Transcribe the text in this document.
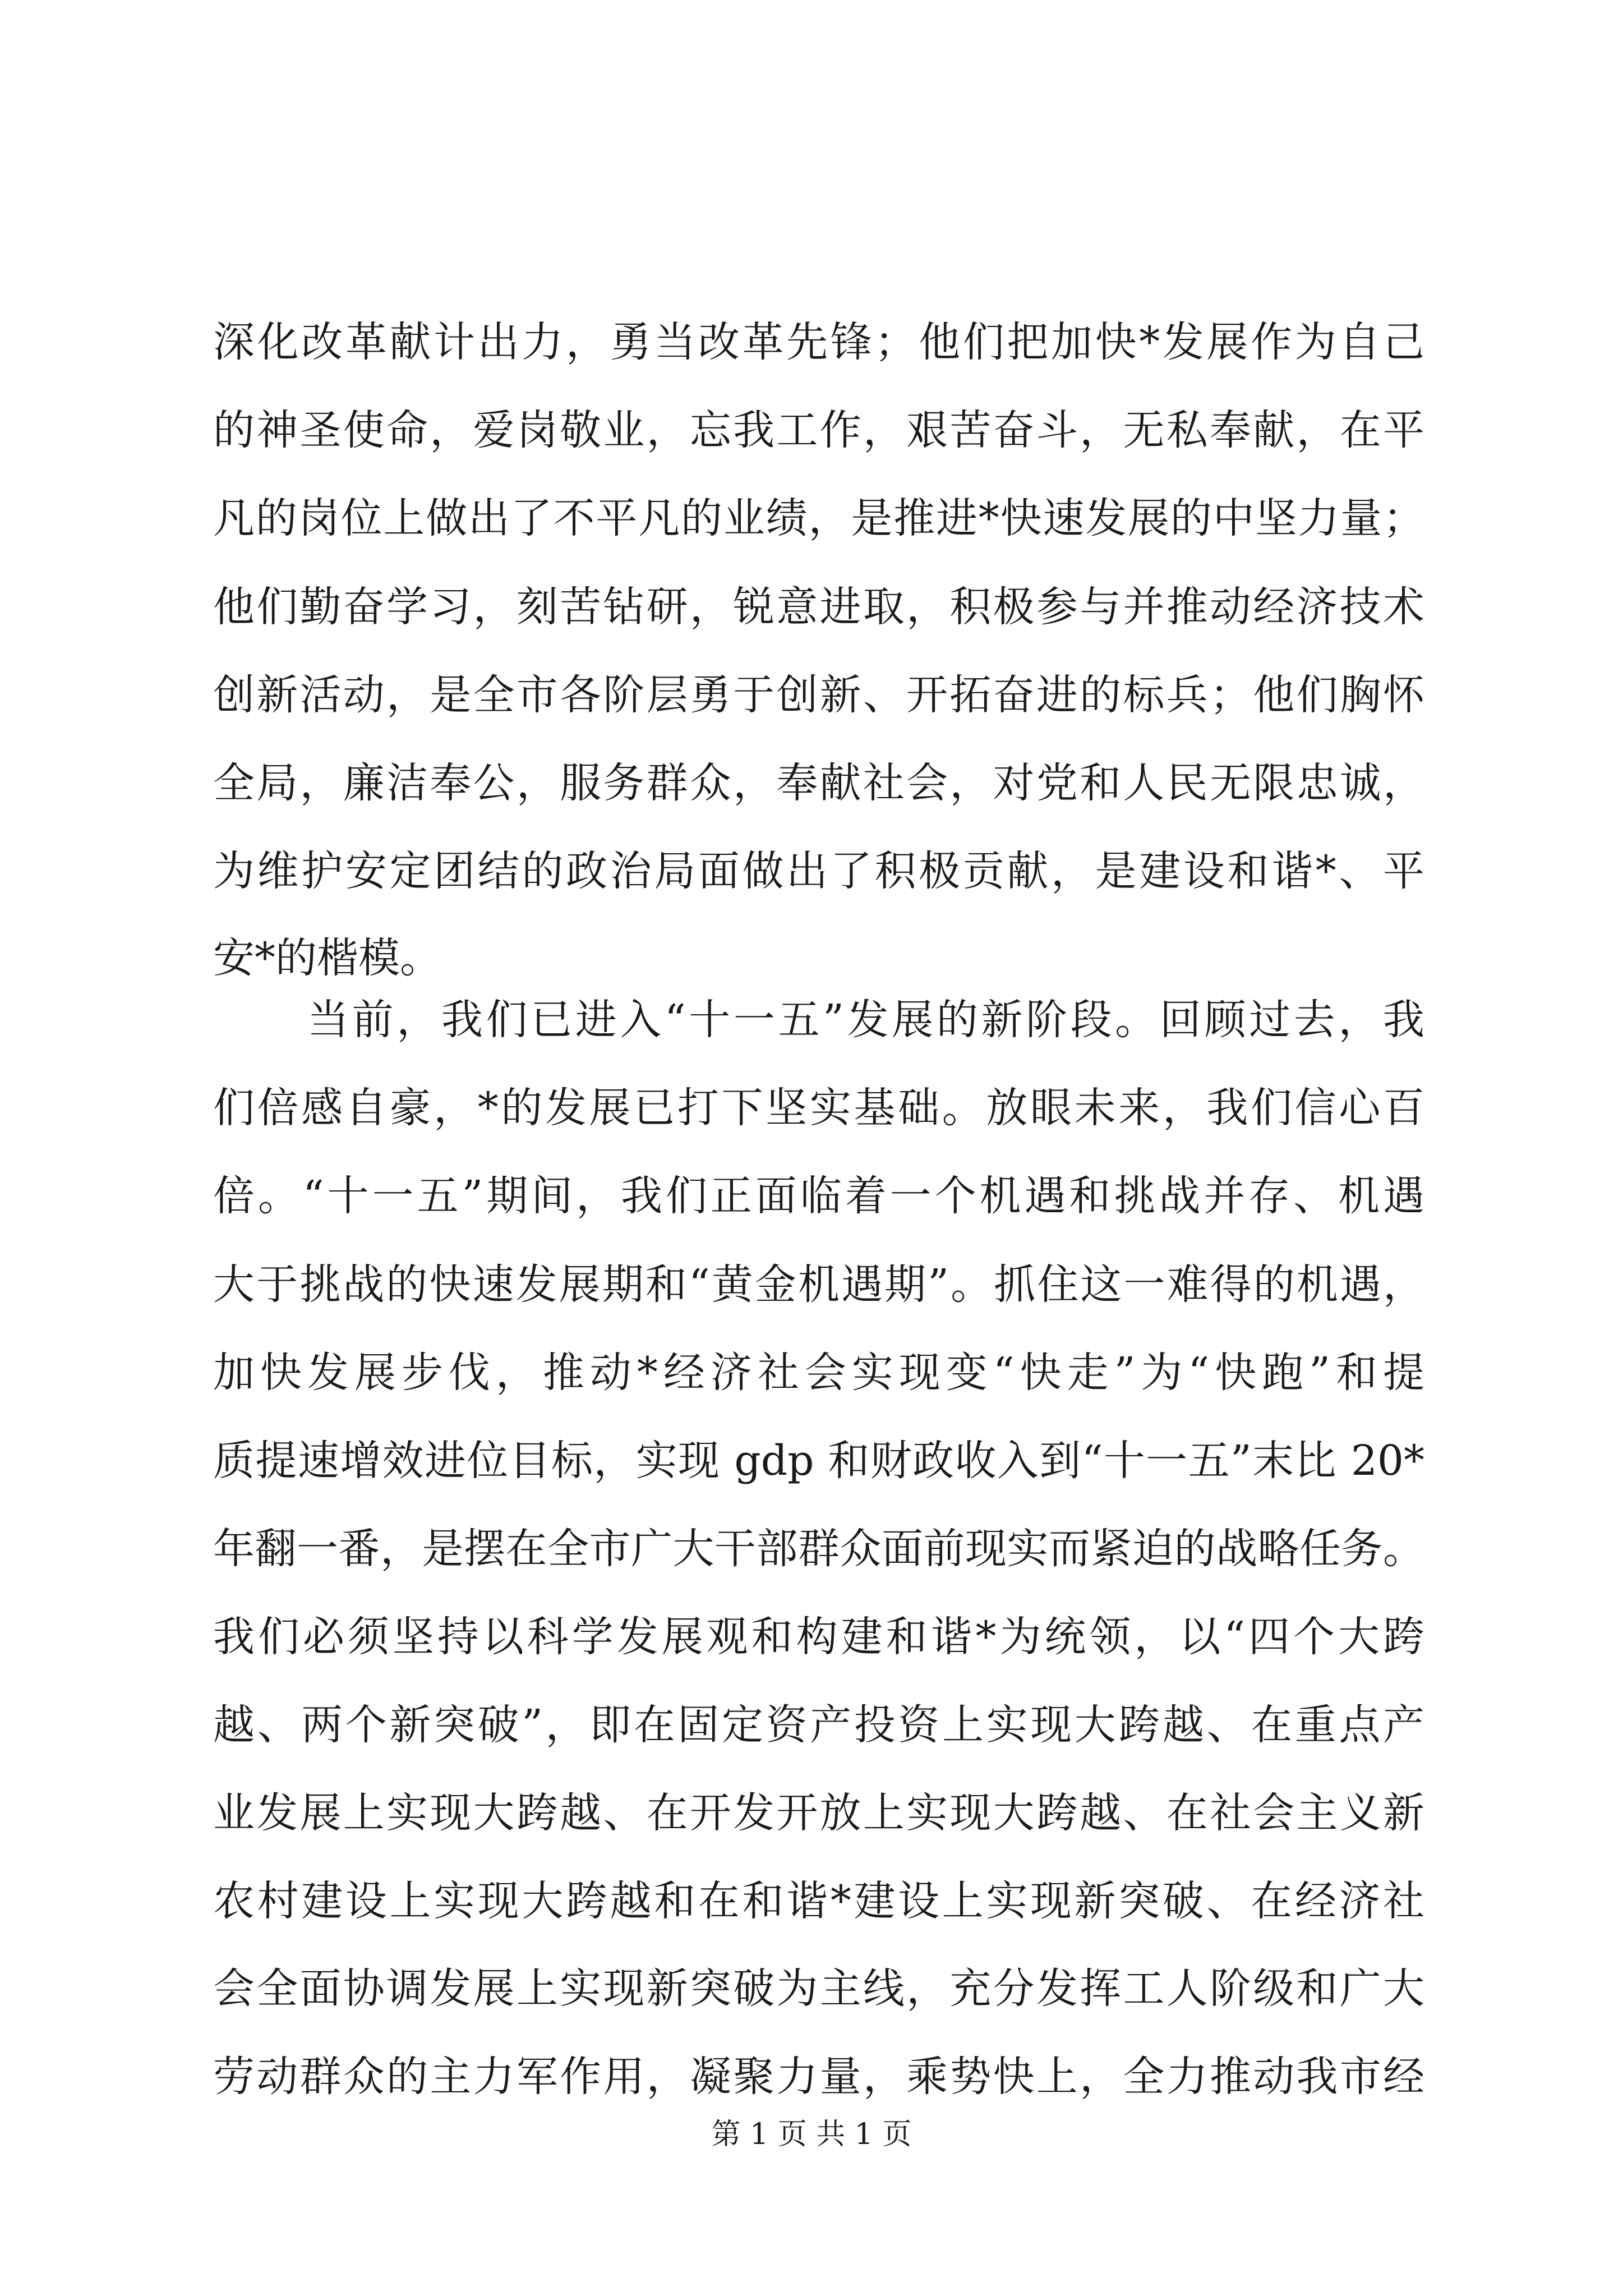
深化改革献计出力，勇当改革先锋；他们把加快*发展作为自己
的神圣使命，爱岗敬业，忘我工作，艰苦奋斗，无私奉献，在平
凡的岗位上做出了不平凡的业绩，是推进*快速发展的中坚力量；
他们勤奋学习，刻苦钻研，锐意进取，积极参与并推动经济技术
创新活动，是全市各阶层勇于创新、开拓奋进的标兵；他们胸怀
全局，廉洁奉公，服务群众，奉献社会，对党和人民无限忠诚，
为维护安定团结的政治局面做出了积极贡献，是建设和谐*、平
安*的楷模。
当前，我们已进入“十一五”发展的新阶段。回顾过去，我
们倍感自豪，*的发展已打下坚实基础。放眼未来，我们信心百
倍。“十一五”期间，我们正面临着一个机遇和挑战并存、机遇
大于挑战的快速发展期和“黄金机遇期”。抓住这一难得的机遇，
加快发展步伐，推动*经济社会实现变“快走”为“快跑”和提
质提速增效进位目标，实现 gdp 和财政收入到“十一五”末比 20*
年翻一番，是摆在全市广大干部群众面前现实而紧迫的战略任务。
我们必须坚持以科学发展观和构建和谐*为统领，以“四个大跨
越、两个新突破”，即在固定资产投资上实现大跨越、在重点产
业发展上实现大跨越、在开发开放上实现大跨越、在社会主义新
农村建设上实现大跨越和在和谐*建设上实现新突破、在经济社
会全面协调发展上实现新突破为主线，充分发挥工人阶级和广大
劳动群众的主力军作用，凝聚力量，乘势快上，全力推动我市经
第 1 页 共 1 页
